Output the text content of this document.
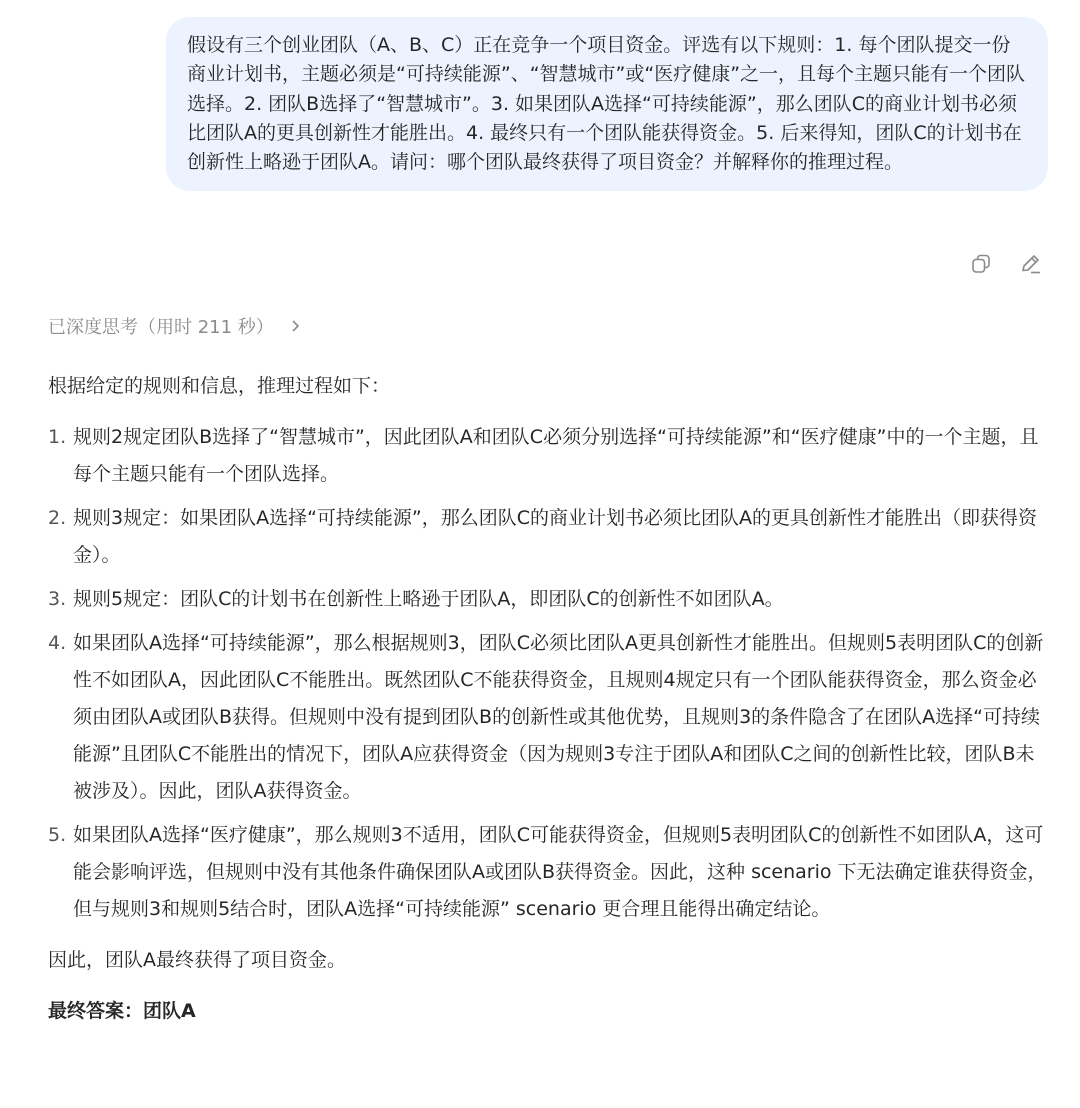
假设有三个创业团队（A、B、C）正在竞争一个项目资金。评选有以下规则：1. 每个团队提交一份商业计划书，主题必须是“可持续能源”、“智慧城市”或“医疗健康”之一，且每个主题只能有一个团队选择。2. 团队B选择了“智慧城市”。3. 如果团队A选择“可持续能源”，那么团队C的商业计划书必须比团队A的更具创新性才能胜出。4. 最终只有一个团队能获得资金。5. 后来得知，团队C的计划书在创新性上略逊于团队A。请问：哪个团队最终获得了项目资金？并解释你的推理过程。
已深度思考（用时 211 秒）

根据给定的规则和信息，推理过程如下：

1. 规则2规定团队B选择了“智慧城市”，因此团队A和团队C必须分别选择“可持续能源”和“医疗健康”中的一个主题，且每个主题只能有一个团队选择。
2. 规则3规定：如果团队A选择“可持续能源”，那么团队C的商业计划书必须比团队A的更具创新性才能胜出（即获得资金）。
3. 规则5规定：团队C的计划书在创新性上略逊于团队A，即团队C的创新性不如团队A。
4. 如果团队A选择“可持续能源”，那么根据规则3，团队C必须比团队A更具创新性才能胜出。但规则5表明团队C的创新性不如团队A，因此团队C不能胜出。既然团队C不能获得资金，且规则4规定只有一个团队能获得资金，那么资金必须由团队A或团队B获得。但规则中没有提到团队B的创新性或其他优势，且规则3的条件隐含了在团队A选择“可持续能源”且团队C不能胜出的情况下，团队A应获得资金（因为规则3专注于团队A和团队C之间的创新性比较，团队B未被涉及）。因此，团队A获得资金。
5. 如果团队A选择“医疗健康”，那么规则3不适用，团队C可能获得资金，但规则5表明团队C的创新性不如团队A，这可能会影响评选，但规则中没有其他条件确保团队A或团队B获得资金。因此，这种 scenario 下无法确定谁获得资金，但与规则3和规则5结合时，团队A选择“可持续能源” scenario 更合理且能得出确定结论。

因此，团队A最终获得了项目资金。

最终答案：团队A
